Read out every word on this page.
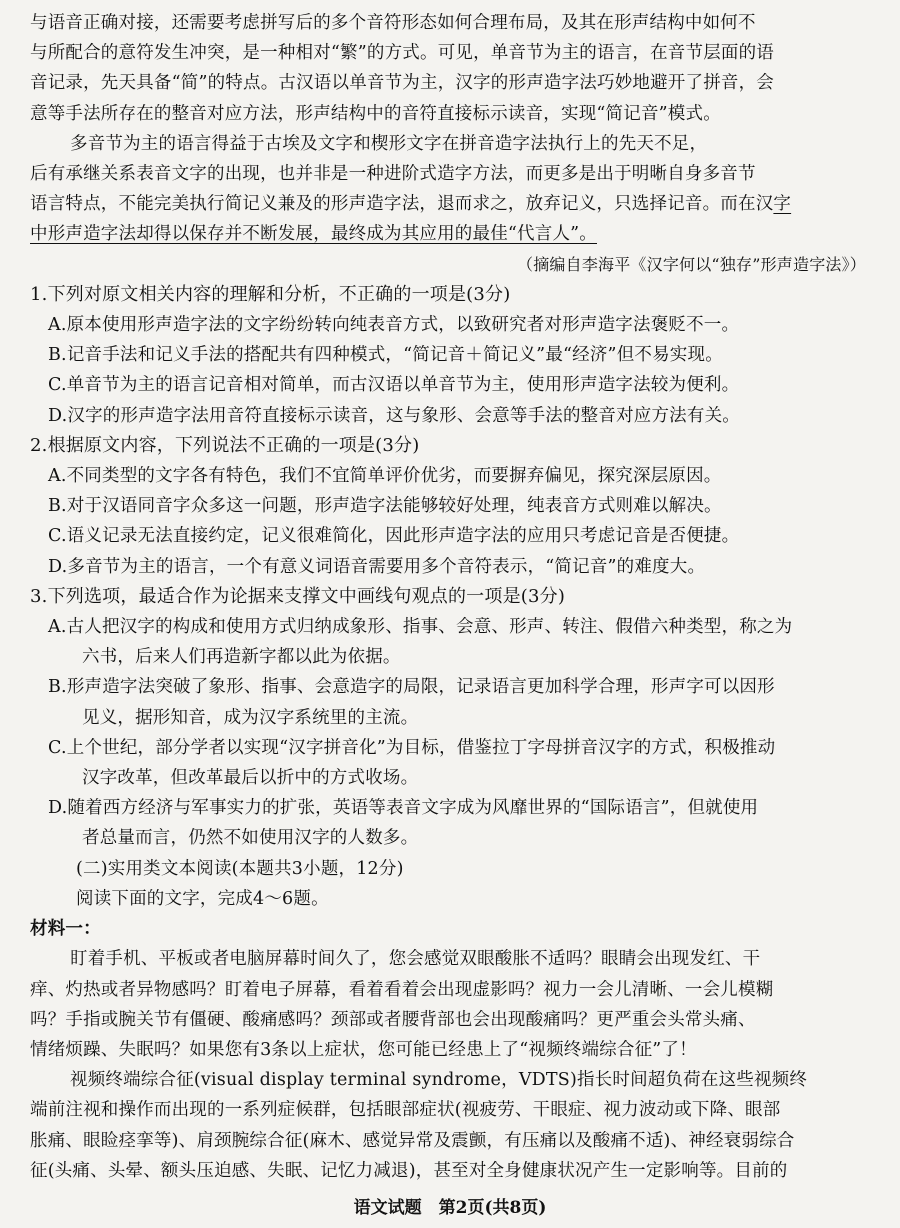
与语音正确对接，还需要考虑拼写后的多个音符形态如何合理布局，及其在形声结构中如何不
与所配合的意符发生冲突，是一种相对“繁”的方式。可见，单音节为主的语言，在音节层面的语
音记录，先天具备“简”的特点。古汉语以单音节为主，汉字的形声造字法巧妙地避开了拼音，会
意等手法所存在的整音对应方法，形声结构中的音符直接标示读音，实现“简记音”模式。
多音节为主的语言得益于古埃及文字和楔形文字在拼音造字法执行上的先天不足，
后有承继关系表音文字的出现，也并非是一种进阶式造字方法，而更多是出于明晰自身多音节
语言特点，不能完美执行简记义兼及的形声造字法，退而求之，放弃记义，只选择记音。而在汉字
中形声造字法却得以保存并不断发展，最终成为其应用的最佳“代言人”。
（摘编自李海平《汉字何以“独存”形声造字法》）
1.下列对原文相关内容的理解和分析，不正确的一项是(3分)
A.原本使用形声造字法的文字纷纷转向纯表音方式，以致研究者对形声造字法褒贬不一。
B.记音手法和记义手法的搭配共有四种模式，“简记音＋简记义”最“经济”但不易实现。
C.单音节为主的语言记音相对简单，而古汉语以单音节为主，使用形声造字法较为便利。
D.汉字的形声造字法用音符直接标示读音，这与象形、会意等手法的整音对应方法有关。
2.根据原文内容，下列说法不正确的一项是(3分)
A.不同类型的文字各有特色，我们不宜简单评价优劣，而要摒弃偏见，探究深层原因。
B.对于汉语同音字众多这一问题，形声造字法能够较好处理，纯表音方式则难以解决。
C.语义记录无法直接约定，记义很难简化，因此形声造字法的应用只考虑记音是否便捷。
D.多音节为主的语言，一个有意义词语音需要用多个音符表示，“简记音”的难度大。
3.下列选项，最适合作为论据来支撑文中画线句观点的一项是(3分)
A.古人把汉字的构成和使用方式归纳成象形、指事、会意、形声、转注、假借六种类型，称之为
六书，后来人们再造新字都以此为依据。
B.形声造字法突破了象形、指事、会意造字的局限，记录语言更加科学合理，形声字可以因形
见义，据形知音，成为汉字系统里的主流。
C.上个世纪，部分学者以实现“汉字拼音化”为目标，借鉴拉丁字母拼音汉字的方式，积极推动
汉字改革，但改革最后以折中的方式收场。
D.随着西方经济与军事实力的扩张，英语等表音文字成为风靡世界的“国际语言”，但就使用
者总量而言，仍然不如使用汉字的人数多。
(二)实用类文本阅读(本题共3小题，12分)
阅读下面的文字，完成4～6题。
材料一：
盯着手机、平板或者电脑屏幕时间久了，您会感觉双眼酸胀不适吗？眼睛会出现发红、干
痒、灼热或者异物感吗？盯着电子屏幕，看着看着会出现虚影吗？视力一会儿清晰、一会儿模糊
吗？手指或腕关节有僵硬、酸痛感吗？颈部或者腰背部也会出现酸痛吗？更严重会头常头痛、
情绪烦躁、失眠吗？如果您有3条以上症状，您可能已经患上了“视频终端综合征”了！
视频终端综合征(visual display terminal syndrome，VDTS)指长时间超负荷在这些视频终
端前注视和操作而出现的一系列症候群，包括眼部症状(视疲劳、干眼症、视力波动或下降、眼部
胀痛、眼睑痉挛等)、肩颈腕综合征(麻木、感觉异常及震颤，有压痛以及酸痛不适)、神经衰弱综合
征(头痛、头晕、额头压迫感、失眠、记忆力减退)，甚至对全身健康状况产生一定影响等。目前的
语文试题　第2页(共8页)
